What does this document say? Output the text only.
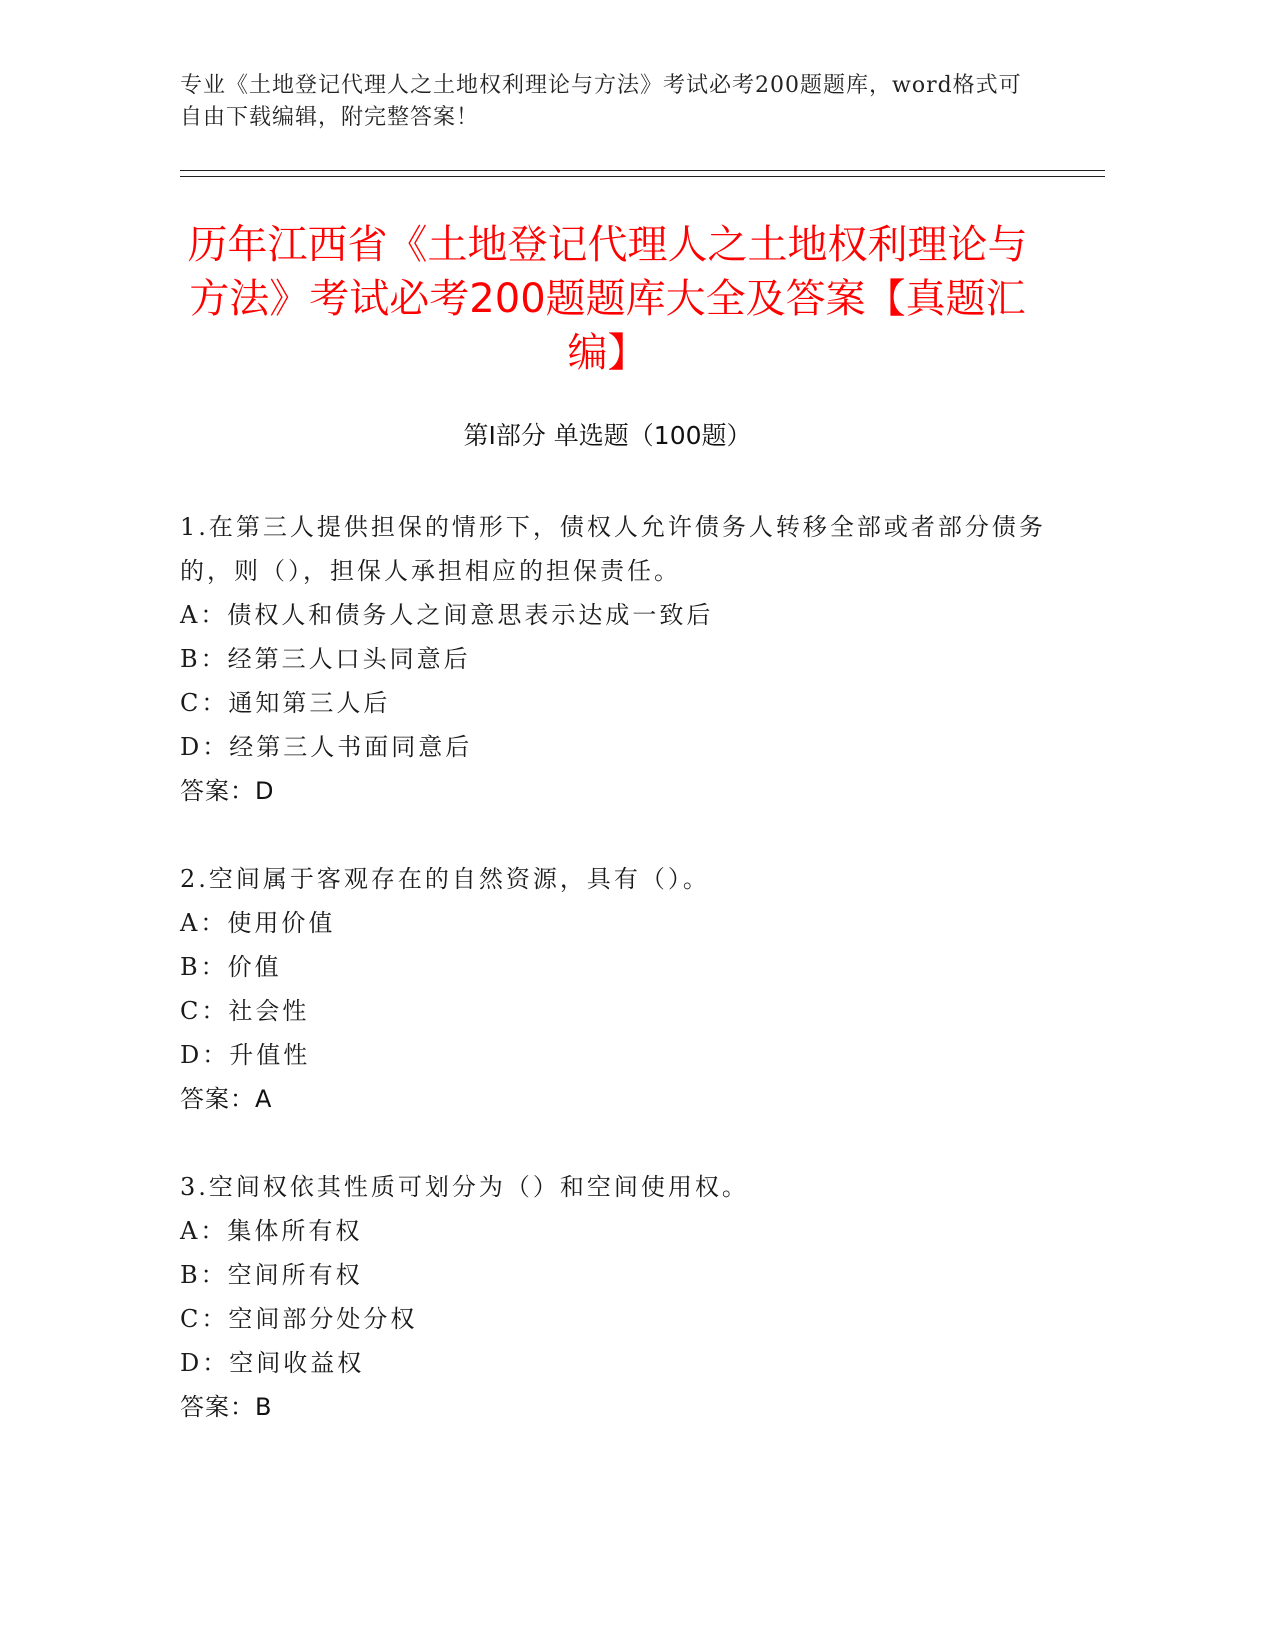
专业《土地登记代理人之土地权利理论与方法》考试必考200题题库，word格式可自由下载编辑，附完整答案！
历年江西省《土地登记代理人之土地权利理论与方法》考试必考200题题库大全及答案【真题汇编】
第I部分 单选题（100题）
1.在第三人提供担保的情形下，债权人允许债务人转移全部或者部分债务的，则（），担保人承担相应的担保责任。
A：债权人和债务人之间意思表示达成一致后
B：经第三人口头同意后
C：通知第三人后
D：经第三人书面同意后
答案：D
2.空间属于客观存在的自然资源，具有（）。
A：使用价值
B：价值
C：社会性
D：升值性
答案：A
3.空间权依其性质可划分为（）和空间使用权。
A：集体所有权
B：空间所有权
C：空间部分处分权
D：空间收益权
答案：B
